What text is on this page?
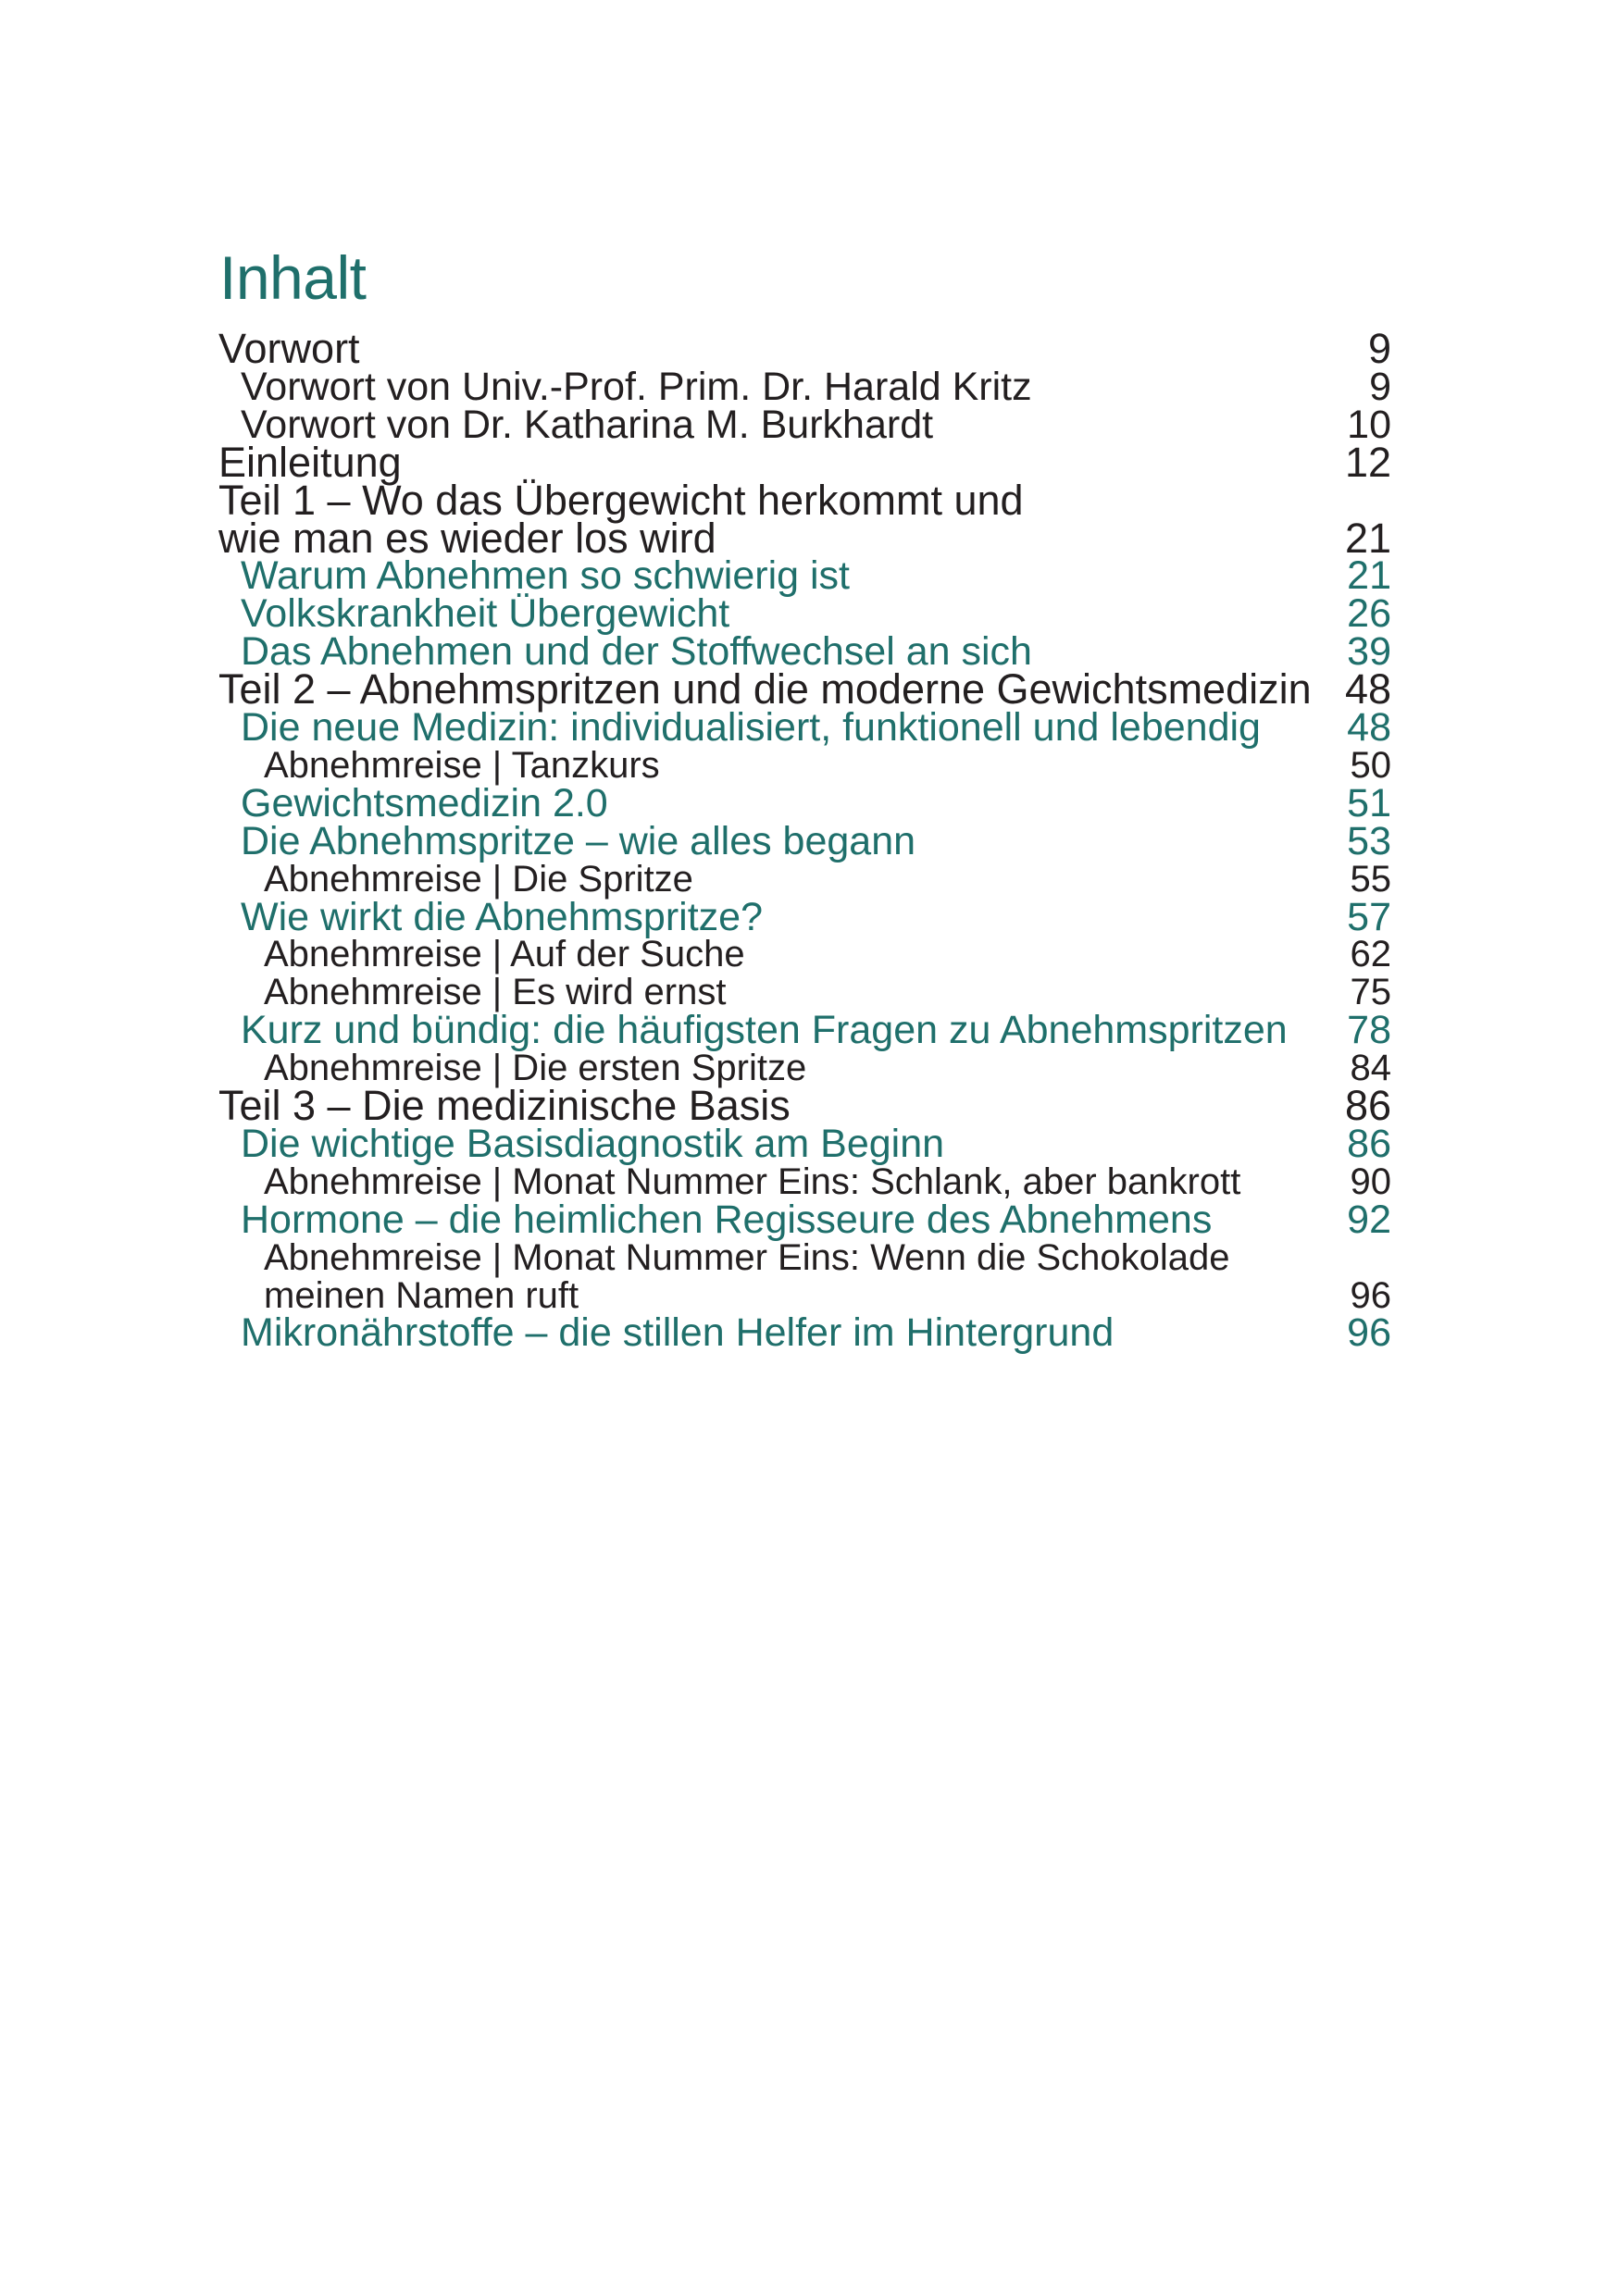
Inhalt
Vorwort	9
Vorwort von Univ.-Prof. Prim. Dr. Harald Kritz	9
Vorwort von Dr. Katharina M. Burkhardt	10
Einleitung	12
Teil 1 – Wo das Übergewicht herkommt und
wie man es wieder los wird	21
Warum Abnehmen so schwierig ist	21
Volkskrankheit Übergewicht	26
Das Abnehmen und der Stoffwechsel an sich	39
Teil 2 – Abnehmspritzen und die moderne Gewichtsmedizin 48
Die neue Medizin: individualisiert, funktionell und lebendig 48
Abnehmreise | Tanzkurs	50
Gewichtsmedizin 2.0	51
Die Abnehmspritze – wie alles begann	53
Abnehmreise | Die Spritze	55
Wie wirkt die Abnehmspritze?	57
Abnehmreise | Auf der Suche	62
Abnehmreise | Es wird ernst	75
Kurz und bündig: die häufigsten Fragen zu Abnehmspritzen 78
Abnehmreise | Die ersten Spritze	84
Teil 3 – Die medizinische Basis	86
Die wichtige Basisdiagnostik am Beginn	86
Abnehmreise | Monat Nummer Eins: Schlank, aber bankrott	90
Hormone – die heimlichen Regisseure des Abnehmens	92
Abnehmreise | Monat Nummer Eins: Wenn die Schokolade
meinen Namen ruft	96
Mikronährstoffe – die stillen Helfer im Hintergrund	96
